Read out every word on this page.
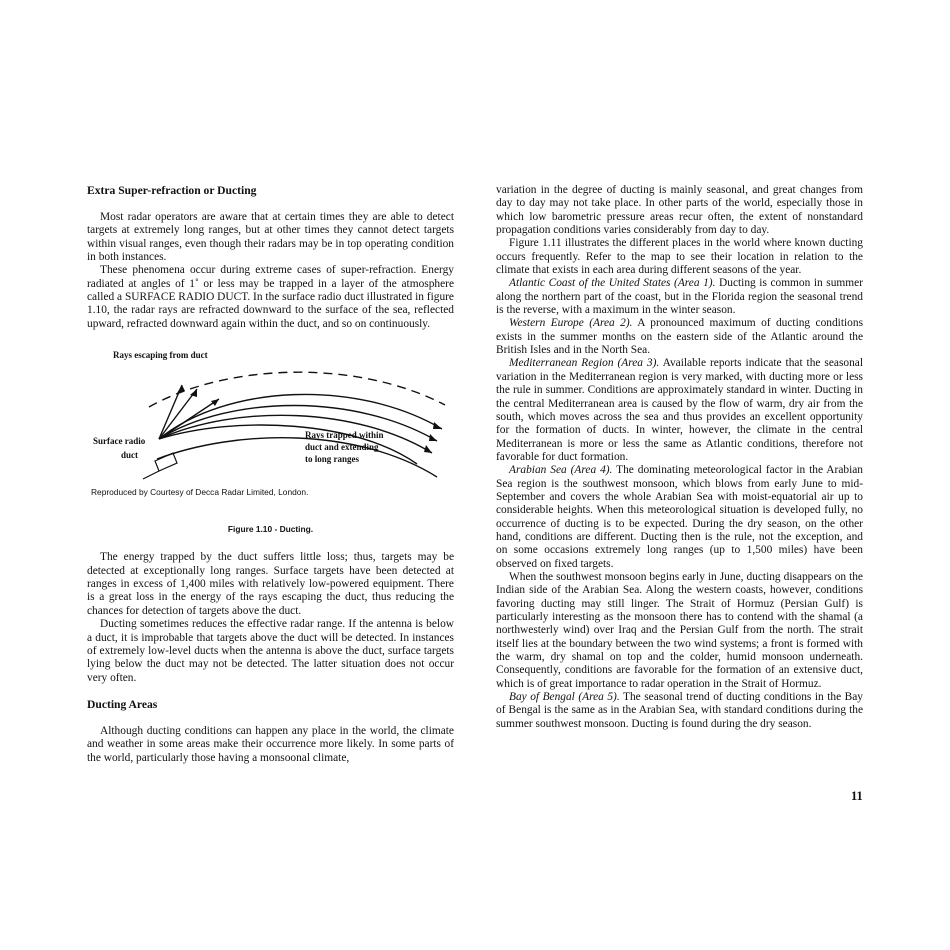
Extra Super-refraction or Ducting

Most radar operators are aware that at certain times they are able to detect targets at extremely long ranges, but at other times they cannot detect targets within visual ranges, even though their radars may be in top operating condition in both instances.

These phenomena occur during extreme cases of super-refraction. Energy radiated at angles of 1˚ or less may be trapped in a layer of the atmosphere called a SURFACE RADIO DUCT. In the surface radio duct illustrated in figure 1.10, the radar rays are refracted downward to the surface of the sea, reflected upward, refracted downward again within the duct, and so on continuously.

Rays escaping from duct
Surface radio
duct
Rays trapped within
duct and extending
to long ranges
Reproduced by Courtesy of Decca Radar Limited, London.
Figure 1.10 - Ducting.

The energy trapped by the duct suffers little loss; thus, targets may be detected at exceptionally long ranges. Surface targets have been detected at ranges in excess of 1,400 miles with relatively low-powered equipment. There is a great loss in the energy of the rays escaping the duct, thus reducing the chances for detection of targets above the duct.

Ducting sometimes reduces the effective radar range. If the antenna is below a duct, it is improbable that targets above the duct will be detected. In instances of extremely low-level ducts when the antenna is above the duct, surface targets lying below the duct may not be detected. The latter situation does not occur very often.

Ducting Areas

Although ducting conditions can happen any place in the world, the climate and weather in some areas make their occurrence more likely. In some parts of the world, particularly those having a monsoonal climate,

variation in the degree of ducting is mainly seasonal, and great changes from day to day may not take place. In other parts of the world, especially those in which low barometric pressure areas recur often, the extent of nonstandard propagation conditions varies considerably from day to day.

Figure 1.11 illustrates the different places in the world where known ducting occurs frequently. Refer to the map to see their location in relation to the climate that exists in each area during different seasons of the year.

Atlantic Coast of the United States (Area 1). Ducting is common in summer along the northern part of the coast, but in the Florida region the seasonal trend is the reverse, with a maximum in the winter season.

Western Europe (Area 2). A pronounced maximum of ducting conditions exists in the summer months on the eastern side of the Atlantic around the British Isles and in the North Sea.

Mediterranean Region (Area 3). Available reports indicate that the seasonal variation in the Mediterranean region is very marked, with ducting more or less the rule in summer. Conditions are approximately standard in winter. Ducting in the central Mediterranean area is caused by the flow of warm, dry air from the south, which moves across the sea and thus provides an excellent opportunity for the formation of ducts. In winter, however, the climate in the central Mediterranean is more or less the same as Atlantic conditions, therefore not favorable for duct formation.

Arabian Sea (Area 4). The dominating meteorological factor in the Arabian Sea region is the southwest monsoon, which blows from early June to mid-September and covers the whole Arabian Sea with moist-equatorial air up to considerable heights. When this meteorological situation is developed fully, no occurrence of ducting is to be expected. During the dry season, on the other hand, conditions are different. Ducting then is the rule, not the exception, and on some occasions extremely long ranges (up to 1,500 miles) have been observed on fixed targets.

When the southwest monsoon begins early in June, ducting disappears on the Indian side of the Arabian Sea. Along the western coasts, however, conditions favoring ducting may still linger. The Strait of Hormuz (Persian Gulf) is particularly interesting as the monsoon there has to contend with the shamal (a northwesterly wind) over Iraq and the Persian Gulf from the north. The strait itself lies at the boundary between the two wind systems; a front is formed with the warm, dry shamal on top and the colder, humid monsoon underneath. Consequently, conditions are favorable for the formation of an extensive duct, which is of great importance to radar operation in the Strait of Hormuz.

Bay of Bengal (Area 5). The seasonal trend of ducting conditions in the Bay of Bengal is the same as in the Arabian Sea, with standard conditions during the summer southwest monsoon. Ducting is found during the dry season.

11
